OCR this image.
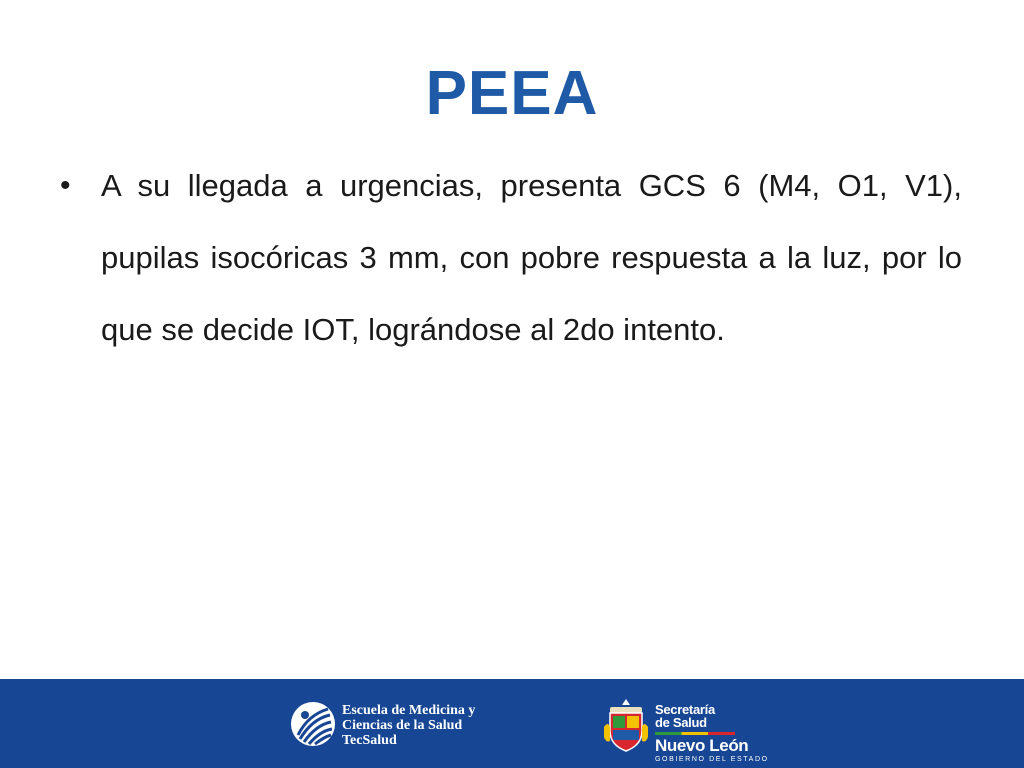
PEEA
• A su llegada a urgencias, presenta GCS 6 (M4, O1, V1), pupilas isocóricas 3 mm, con pobre respuesta a la luz, por lo que se decide IOT, lográndose al 2do intento.
Escuela de Medicina y
Ciencias de la Salud
TecSalud
Secretaría
de Salud
Nuevo León
GOBIERNO DEL ESTADO
